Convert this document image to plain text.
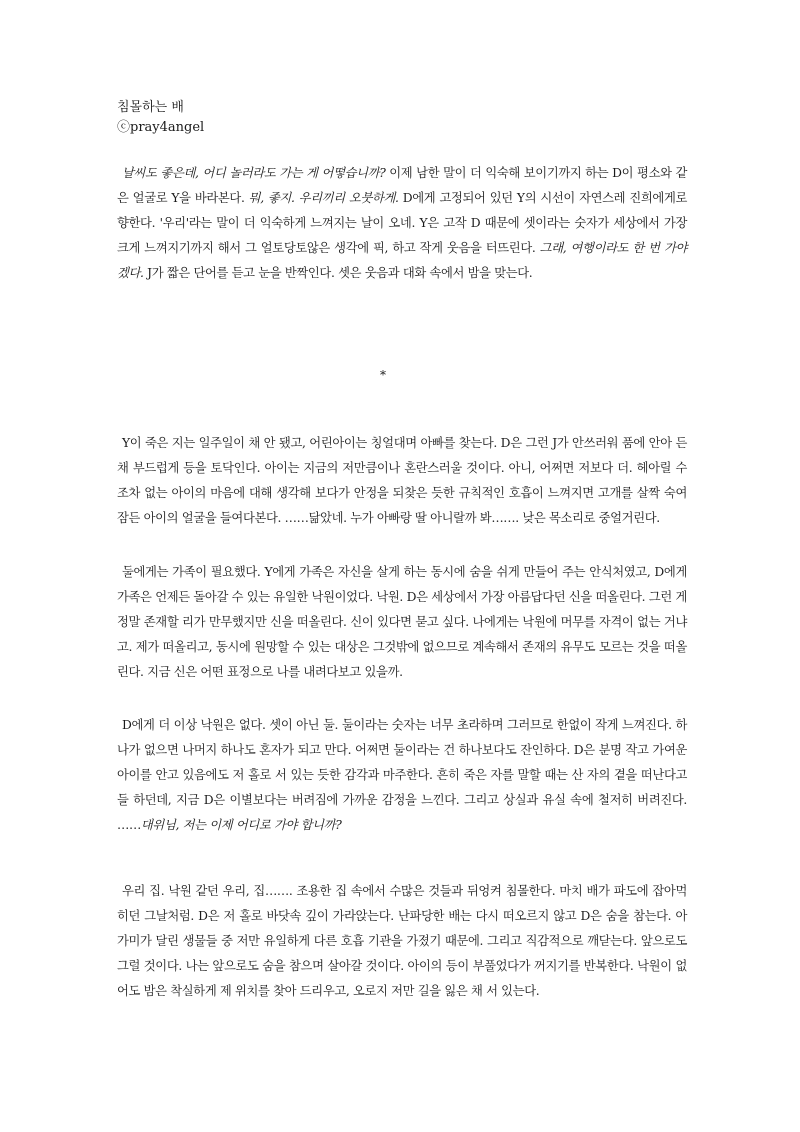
침몰하는 배
ⓒpray4angel

날씨도 좋은데, 어디 놀러라도 가는 게 어떻습니까? 이제 남한 말이 더 익숙해 보이기까지 하는 D이 평소와 같은 얼굴로 Y을 바라본다. 뭐, 좋지. 우리끼리 오붓하게. D에게 고정되어 있던 Y의 시선이 자연스레 진희에게로 향한다. '우리'라는 말이 더 익숙하게 느껴지는 날이 오네. Y은 고작 D 때문에 셋이라는 숫자가 세상에서 가장 크게 느껴지기까지 해서 그 얼토당토않은 생각에 픽, 하고 작게 웃음을 터뜨린다. 그래, 여행이라도 한 번 가야겠다. J가 짧은 단어를 듣고 눈을 반짝인다. 셋은 웃음과 대화 속에서 밤을 맞는다.

*

Y이 죽은 지는 일주일이 채 안 됐고, 어린아이는 칭얼대며 아빠를 찾는다. D은 그런 J가 안쓰러워 품에 안아 든 채 부드럽게 등을 토닥인다. 아이는 지금의 저만큼이나 혼란스러울 것이다. 아니, 어쩌면 저보다 더. 헤아릴 수조차 없는 아이의 마음에 대해 생각해 보다가 안정을 되찾은 듯한 규칙적인 호흡이 느껴지면 고개를 살짝 숙여 잠든 아이의 얼굴을 들여다본다. ……닮았네. 누가 아빠랑 딸 아니랄까 봐……. 낮은 목소리로 중얼거린다.

둘에게는 가족이 필요했다. Y에게 가족은 자신을 살게 하는 동시에 숨을 쉬게 만들어 주는 안식처였고, D에게 가족은 언제든 돌아갈 수 있는 유일한 낙원이었다. 낙원. D은 세상에서 가장 아름답다던 신을 떠올린다. 그런 게 정말 존재할 리가 만무했지만 신을 떠올린다. 신이 있다면 묻고 싶다. 나에게는 낙원에 머무를 자격이 없는 거냐고. 제가 떠올리고, 동시에 원망할 수 있는 대상은 그것밖에 없으므로 계속해서 존재의 유무도 모르는 것을 떠올린다. 지금 신은 어떤 표정으로 나를 내려다보고 있을까.

D에게 더 이상 낙원은 없다. 셋이 아닌 둘. 둘이라는 숫자는 너무 초라하며 그러므로 한없이 작게 느껴진다. 하나가 없으면 나머지 하나도 혼자가 되고 만다. 어쩌면 둘이라는 건 하나보다도 잔인하다. D은 분명 작고 가여운 아이를 안고 있음에도 저 홀로 서 있는 듯한 감각과 마주한다. 흔히 죽은 자를 말할 때는 산 자의 곁을 떠난다고들 하던데, 지금 D은 이별보다는 버려짐에 가까운 감정을 느낀다. 그리고 상실과 유실 속에 철저히 버려진다. ……대위님, 저는 이제 어디로 가야 합니까?

우리 집. 낙원 같던 우리, 집……. 조용한 집 속에서 수많은 것들과 뒤엉켜 침몰한다. 마치 배가 파도에 잡아먹히던 그날처럼. D은 저 홀로 바닷속 깊이 가라앉는다. 난파당한 배는 다시 떠오르지 않고 D은 숨을 참는다. 아가미가 달린 생물들 중 저만 유일하게 다른 호흡 기관을 가졌기 때문에. 그리고 직감적으로 깨닫는다. 앞으로도 그럴 것이다. 나는 앞으로도 숨을 참으며 살아갈 것이다. 아이의 등이 부풀었다가 꺼지기를 반복한다. 낙원이 없어도 밤은 착실하게 제 위치를 찾아 드리우고, 오로지 저만 길을 잃은 채 서 있는다.
